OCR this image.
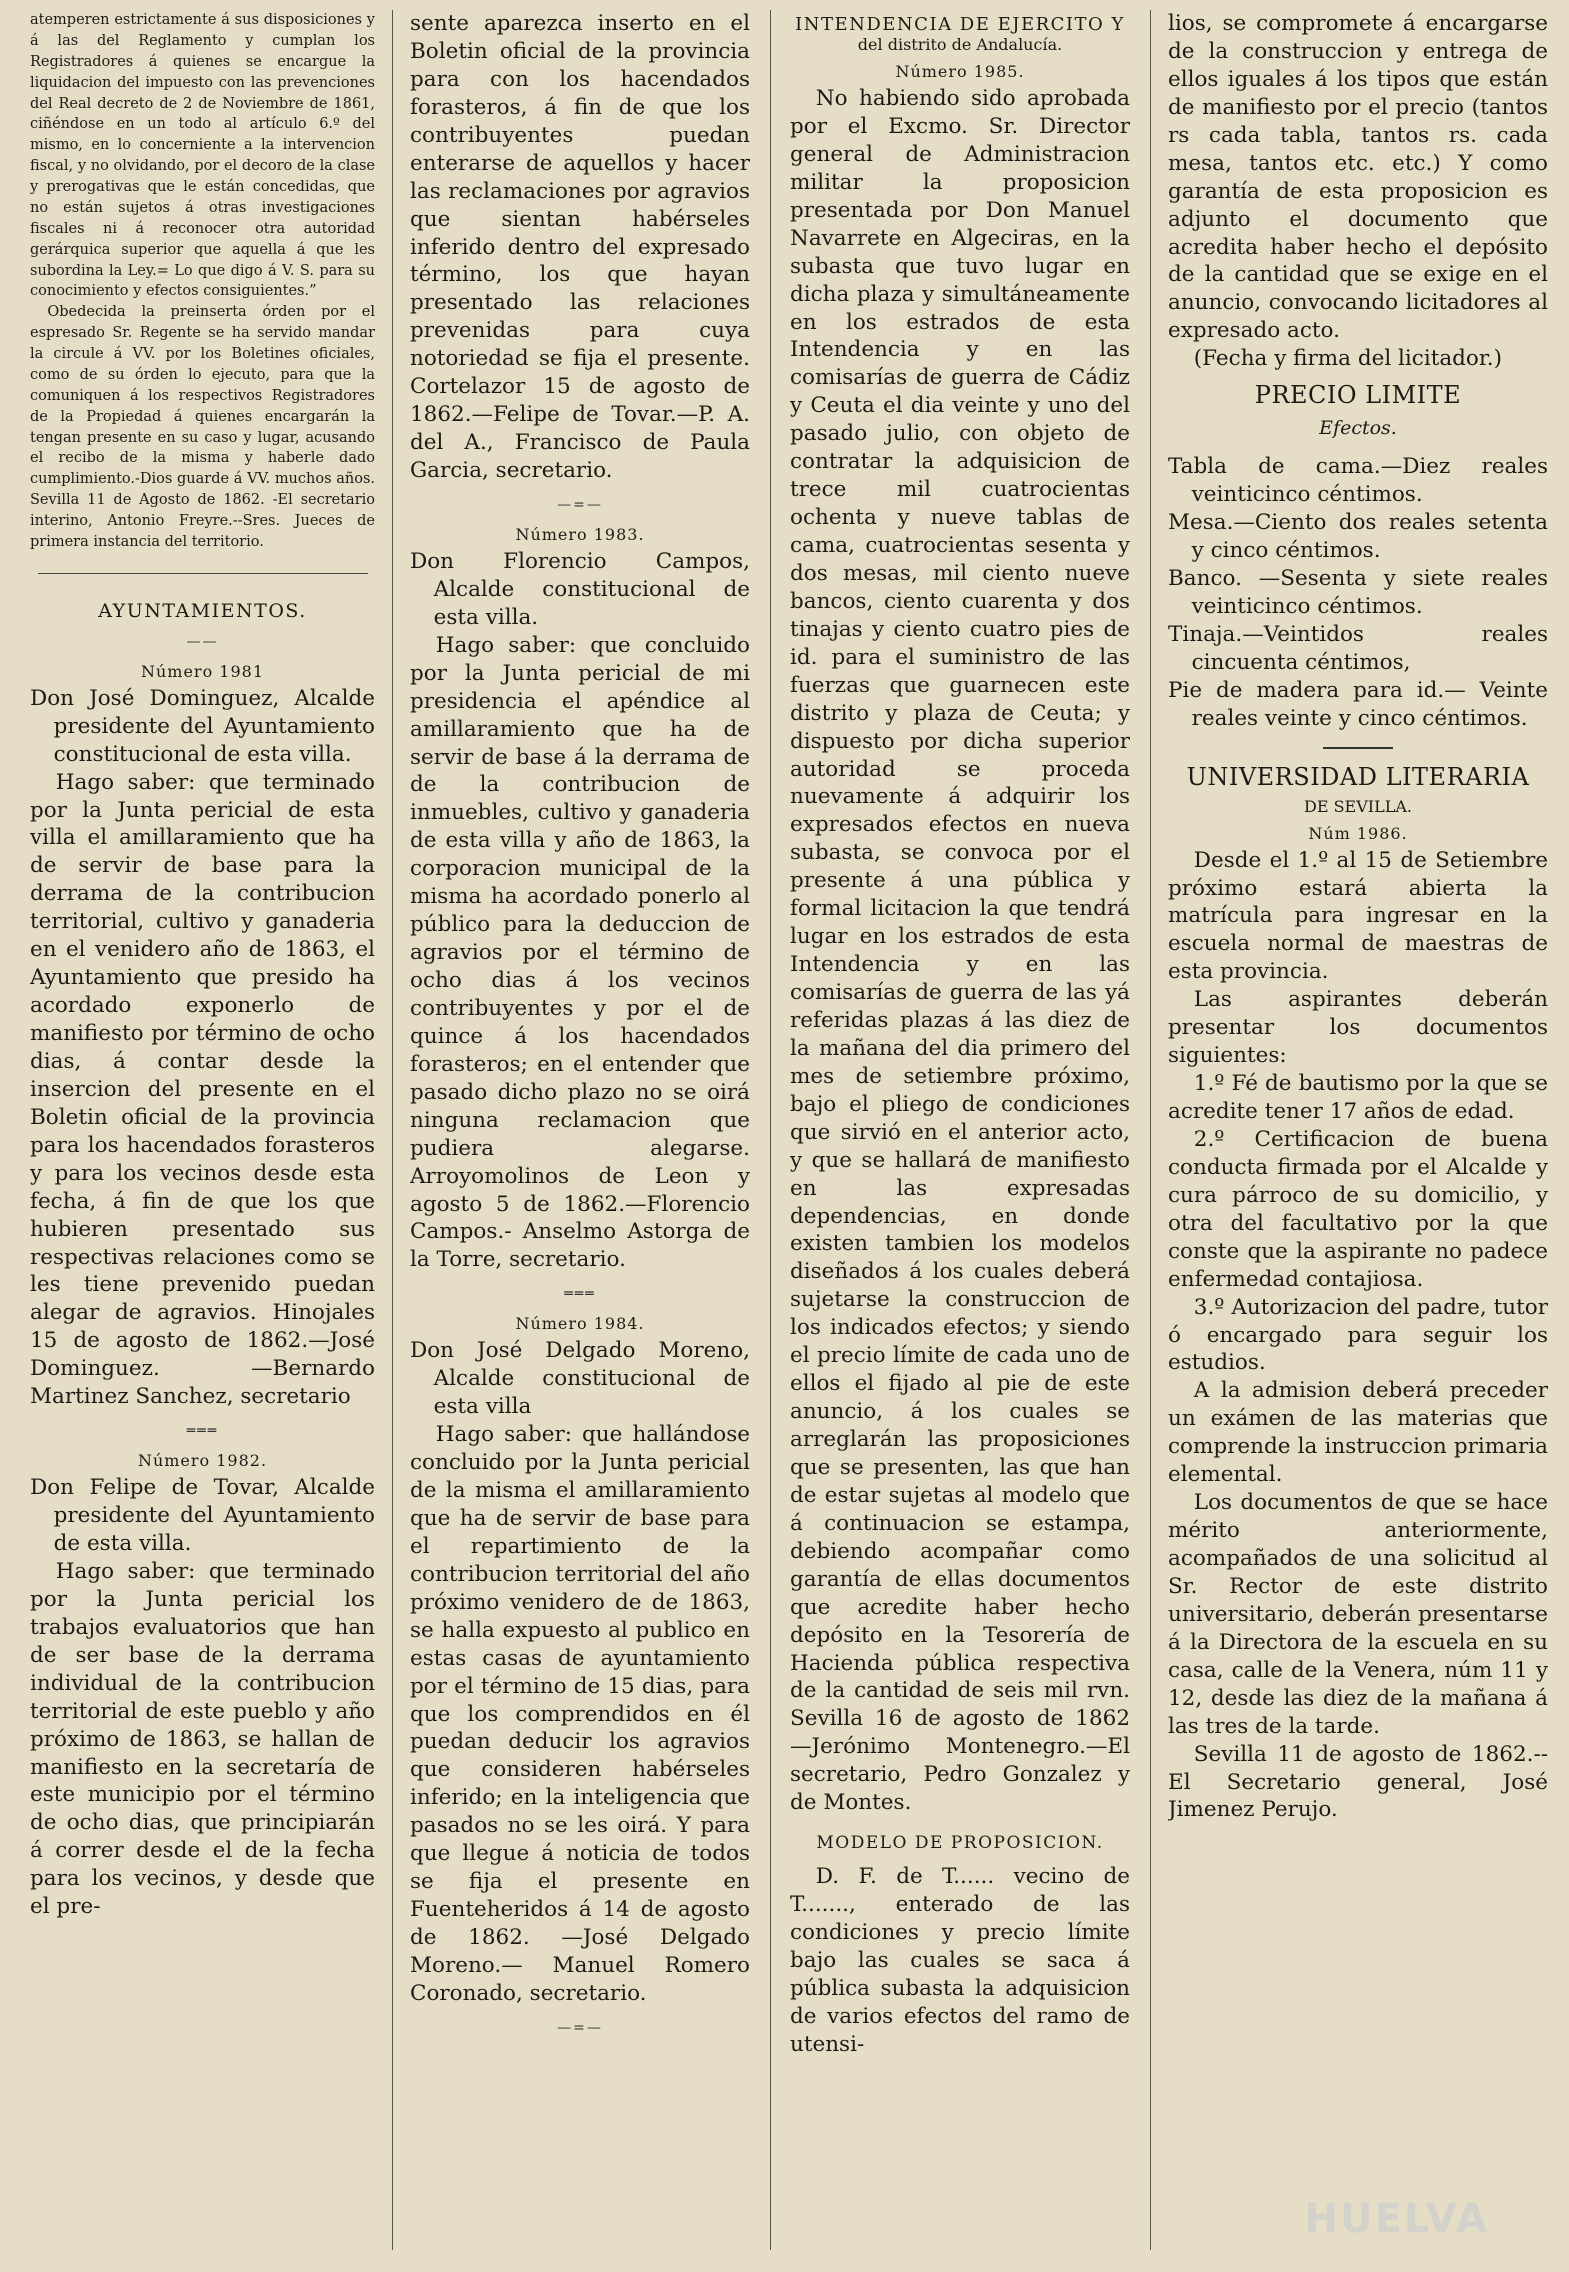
atemperen estrictamente á sus disposiciones y á las del Reglamento y cumplan los Registradores á quienes se encargue la liquidacion del impuesto con las prevenciones del Real decreto de 2 de Noviembre de 1861, ciñéndose en un todo al artículo 6.º del mismo, en lo concerniente a la intervencion fiscal, y no olvidando, por el decoro de la clase y prerogativas que le están concedidas, que no están sujetos á otras investigaciones fiscales ni á reconocer otra autoridad gerárquica superior que aquella á que les subordina la Ley.= Lo que digo á V. S. para su conocimiento y efectos consiguientes.”

Obedecida la preinserta órden por el espresado Sr. Regente se ha servido mandar la circule á VV. por los Boletines oficiales, como de su órden lo ejecuto, para que la comuniquen á los respectivos Registradores de la Propiedad á quienes encargarán la tengan presente en su caso y lugar, acusando el recibo de la misma y haberle dado cumplimiento.-Dios guarde á VV. muchos años. Sevilla 11 de Agosto de 1862. -El secretario interino, Antonio Freyre.--Sres. Jueces de primera instancia del territorio.

AYUNTAMIENTOS.
——
Número 1981

Don José Dominguez, Alcalde presidente del Ayuntamiento constitucional de esta villa.

Hago saber: que terminado por la Junta pericial de esta villa el amillaramiento que ha de servir de base para la derrama de la contribucion territorial, cultivo y ganaderia en el venidero año de 1863, el Ayuntamiento que presido ha acordado exponerlo de manifiesto por término de ocho dias, á contar desde la insercion del presente en el Boletin oficial de la provincia para los hacendados forasteros y para los vecinos desde esta fecha, á fin de que los que hubieren presentado sus respectivas relaciones como se les tiene prevenido puedan alegar de agravios. Hinojales 15 de agosto de 1862.—José Dominguez. —Bernardo Martinez Sanchez, secretario

═══
Número 1982.

Don Felipe de Tovar, Alcalde presidente del Ayuntamiento de esta villa.

Hago saber: que terminado por la Junta pericial los trabajos evaluatorios que han de ser base de la derrama individual de la contribucion territorial de este pueblo y año próximo de 1863, se hallan de manifiesto en la secretaría de este municipio por el término de ocho dias, que principiarán á correr desde el de la fecha para los vecinos, y desde que el pre-

sente aparezca inserto en el Boletin oficial de la provincia para con los hacendados forasteros, á fin de que los contribuyentes puedan enterarse de aquellos y hacer las reclamaciones por agravios que sientan habérseles inferido dentro del expresado término, los que hayan presentado las relaciones prevenidas para cuya notoriedad se fija el presente. Cortelazor 15 de agosto de 1862.—Felipe de Tovar.—P. A. del A., Francisco de Paula Garcia, secretario.

—=—
Número 1983.

Don Florencio Campos, Alcalde constitucional de esta villa.

Hago saber: que concluido por la Junta pericial de mi presidencia el apéndice al amillaramiento que ha de servir de base á la derrama de de la contribucion de inmuebles, cultivo y ganaderia de esta villa y año de 1863, la corporacion municipal de la misma ha acordado ponerlo al público para la deduccion de agravios por el término de ocho dias á los vecinos contribuyentes y por el de quince á los hacendados forasteros; en el entender que pasado dicho plazo no se oirá ninguna reclamacion que pudiera alegarse. Arroyomolinos de Leon y agosto 5 de 1862.—Florencio Campos.- Anselmo Astorga de la Torre, secretario.

═══
Número 1984.

Don José Delgado Moreno, Alcalde constitucional de esta villa

Hago saber: que hallándose concluido por la Junta pericial de la misma el amillaramiento que ha de servir de base para el repartimiento de la contribucion territorial del año próximo venidero de de 1863, se halla expuesto al publico en estas casas de ayuntamiento por el término de 15 dias, para que los comprendidos en él puedan deducir los agravios que consideren habérseles inferido; en la inteligencia que pasados no se les oirá. Y para que llegue á noticia de todos se fija el presente en Fuenteheridos á 14 de agosto de 1862. —José Delgado Moreno.— Manuel Romero Coronado, secretario.

—=—
INTENDENCIA DE EJERCITO Y
del distrito de Andalucía.
Número 1985.

No habiendo sido aprobada por el Excmo. Sr. Director general de Administracion militar la proposicion presentada por Don Manuel Navarrete en Algeciras, en la subasta que tuvo lugar en dicha plaza y simultáneamente en los estrados de esta Intendencia y en las comisarías de guerra de Cádiz y Ceuta el dia veinte y uno del pasado julio, con objeto de contratar la adquisicion de trece mil cuatrocientas ochenta y nueve tablas de cama, cuatrocientas sesenta y dos mesas, mil ciento nueve bancos, ciento cuarenta y dos tinajas y ciento cuatro pies de id. para el suministro de las fuerzas que guarnecen este distrito y plaza de Ceuta; y dispuesto por dicha superior autoridad se proceda nuevamente á adquirir los expresados efectos en nueva subasta, se convoca por el presente á una pública y formal licitacion la que tendrá lugar en los estrados de esta Intendencia y en las comisarías de guerra de las yá referidas plazas á las diez de la mañana del dia primero del mes de setiembre próximo, bajo el pliego de condiciones que sirvió en el anterior acto, y que se hallará de manifiesto en las expresadas dependencias, en donde existen tambien los modelos diseñados á los cuales deberá sujetarse la construccion de los indicados efectos; y siendo el precio límite de cada uno de ellos el fijado al pie de este anuncio, á los cuales se arreglarán las proposiciones que se presenten, las que han de estar sujetas al modelo que á continuacion se estampa, debiendo acompañar como garantía de ellas documentos que acredite haber hecho depósito en la Tesorería de Hacienda pública respectiva de la cantidad de seis mil rvn. Sevilla 16 de agosto de 1862 —Jerónimo Montenegro.—El secretario, Pedro Gonzalez y de Montes.

MODELO DE PROPOSICION.

D. F. de T...... vecino de T......., enterado de las condiciones y precio límite bajo las cuales se saca á pública subasta la adquisicion de varios efectos del ramo de utensi-

lios, se compromete á encargarse de la construccion y entrega de ellos iguales á los tipos que están de manifiesto por el precio (tantos rs cada tabla, tantos rs. cada mesa, tantos etc. etc.) Y como garantía de esta proposicion es adjunto el documento que acredita haber hecho el depósito de la cantidad que se exige en el anuncio, convocando licitadores al expresado acto.

(Fecha y firma del licitador.)

PRECIO LIMITE
Efectos.

Tabla de cama.—Diez reales veinticinco céntimos.

Mesa.—Ciento dos reales setenta y cinco céntimos.

Banco. —Sesenta y siete reales veinticinco céntimos.

Tinaja.—Veintidos reales cincuenta céntimos,

Pie de madera para id.— Veinte reales veinte y cinco céntimos.

UNIVERSIDAD LITERARIA
DE SEVILLA.
Núm 1986.

Desde el 1.º al 15 de Setiembre próximo estará abierta la matrícula para ingresar en la escuela normal de maestras de esta provincia.

Las aspirantes deberán presentar los documentos siguientes:

1.º Fé de bautismo por la que se acredite tener 17 años de edad.

2.º Certificacion de buena conducta firmada por el Alcalde y cura párroco de su domicilio, y otra del facultativo por la que conste que la aspirante no padece enfermedad contajiosa.

3.º Autorizacion del padre, tutor ó encargado para seguir los estudios.

A la admision deberá preceder un exámen de las materias que comprende la instruccion primaria elemental.

Los documentos de que se hace mérito anteriormente, acompañados de una solicitud al Sr. Rector de este distrito universitario, deberán presentarse á la Directora de la escuela en su casa, calle de la Venera, núm 11 y 12, desde las diez de la mañana á las tres de la tarde.

Sevilla 11 de agosto de 1862.--El Secretario general, José Jimenez Perujo.

HUELVA
